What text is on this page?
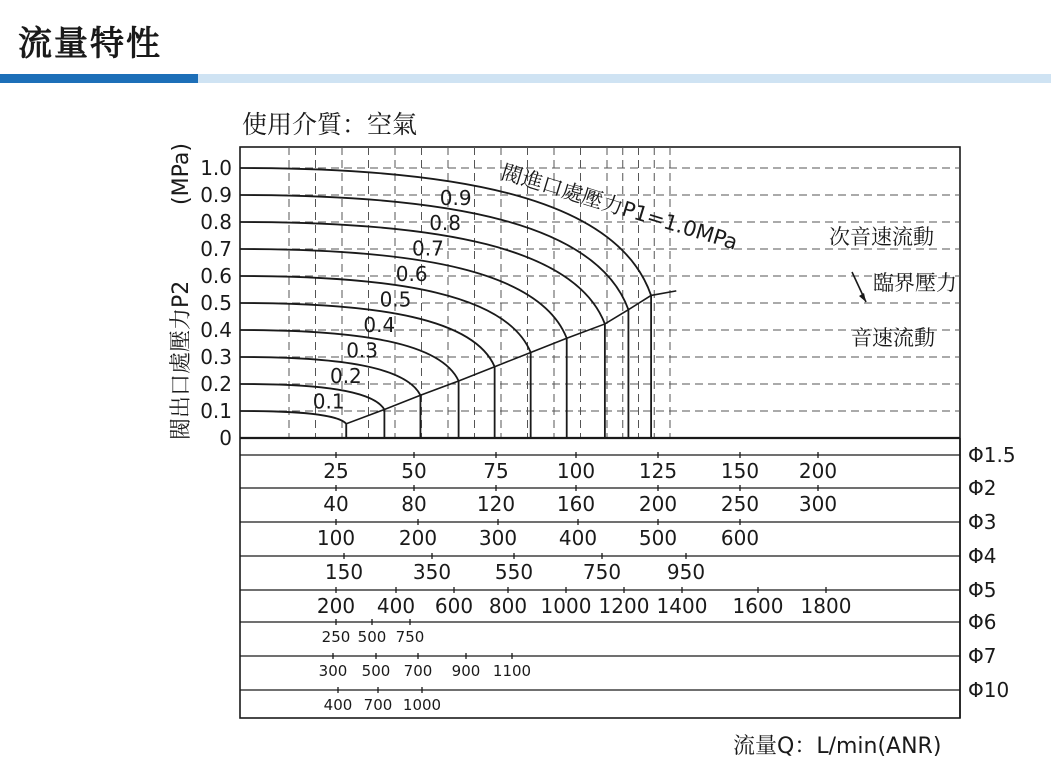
流量特性
使用介質：空氣
閥出口處壓力P2
(MPa)
0
0.1
0.2
0.3
0.4
0.5
0.6
0.7
0.8
0.9
1.0
25	50	75 100 125 150 200
Φ1.5
40	80	120 160 200 250 300
Φ2
100 200 300 400 500 600
Φ3
150 350 550 750 950
Φ4
200 400 600 800 1000 1200 1400 1600 1800
Φ5
250 500 750
Φ6
300 500 700 900 1100
Φ7
400 700 1000
Φ10
0.1
0.2
0.3
0.4
0.5
0.6
0.7
0.8
0.9 閥進口處壓力P1=1.0MPa	次音速流動
臨界壓力
音速流動
流量Q：L/min(ANR)
